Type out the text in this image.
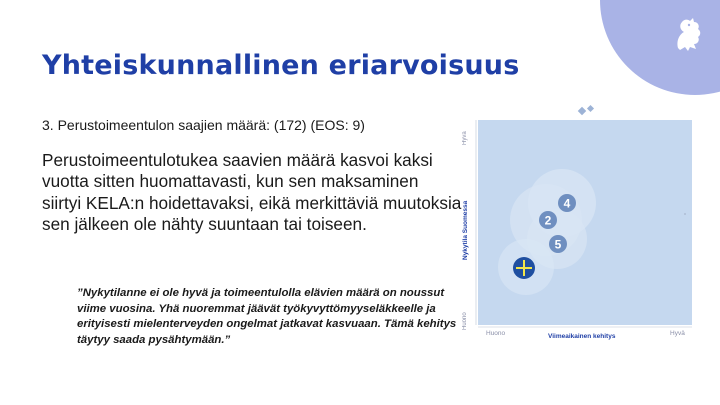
Yhteiskunnallinen eriarvoisuus
3. Perustoimeentulon saajien määrä: (172) (EOS: 9)
Perustoimeentulotukea saavien määrä kasvoi kaksi vuotta sitten huomattavasti, kun sen maksaminen siirtyi KELA:n hoidettavaksi, eikä merkittäviä muutoksia sen jälkeen ole nähty suuntaan tai toiseen.
”Nykytilanne ei ole hyvä ja toimeentulolla elävien määrä on noussut viime vuosina. Yhä nuoremmat jäävät työkyvyttömyyseläkkeelle ja erityisesti mielenterveyden ongelmat jatkavat kasvuaan. Tämä kehitys täytyy saada pysähtymään.”
4
2
5
Hyvä
Nykytila Suomessa
Huono
Huono	Viimeaikainen kehitys	Hyvä
